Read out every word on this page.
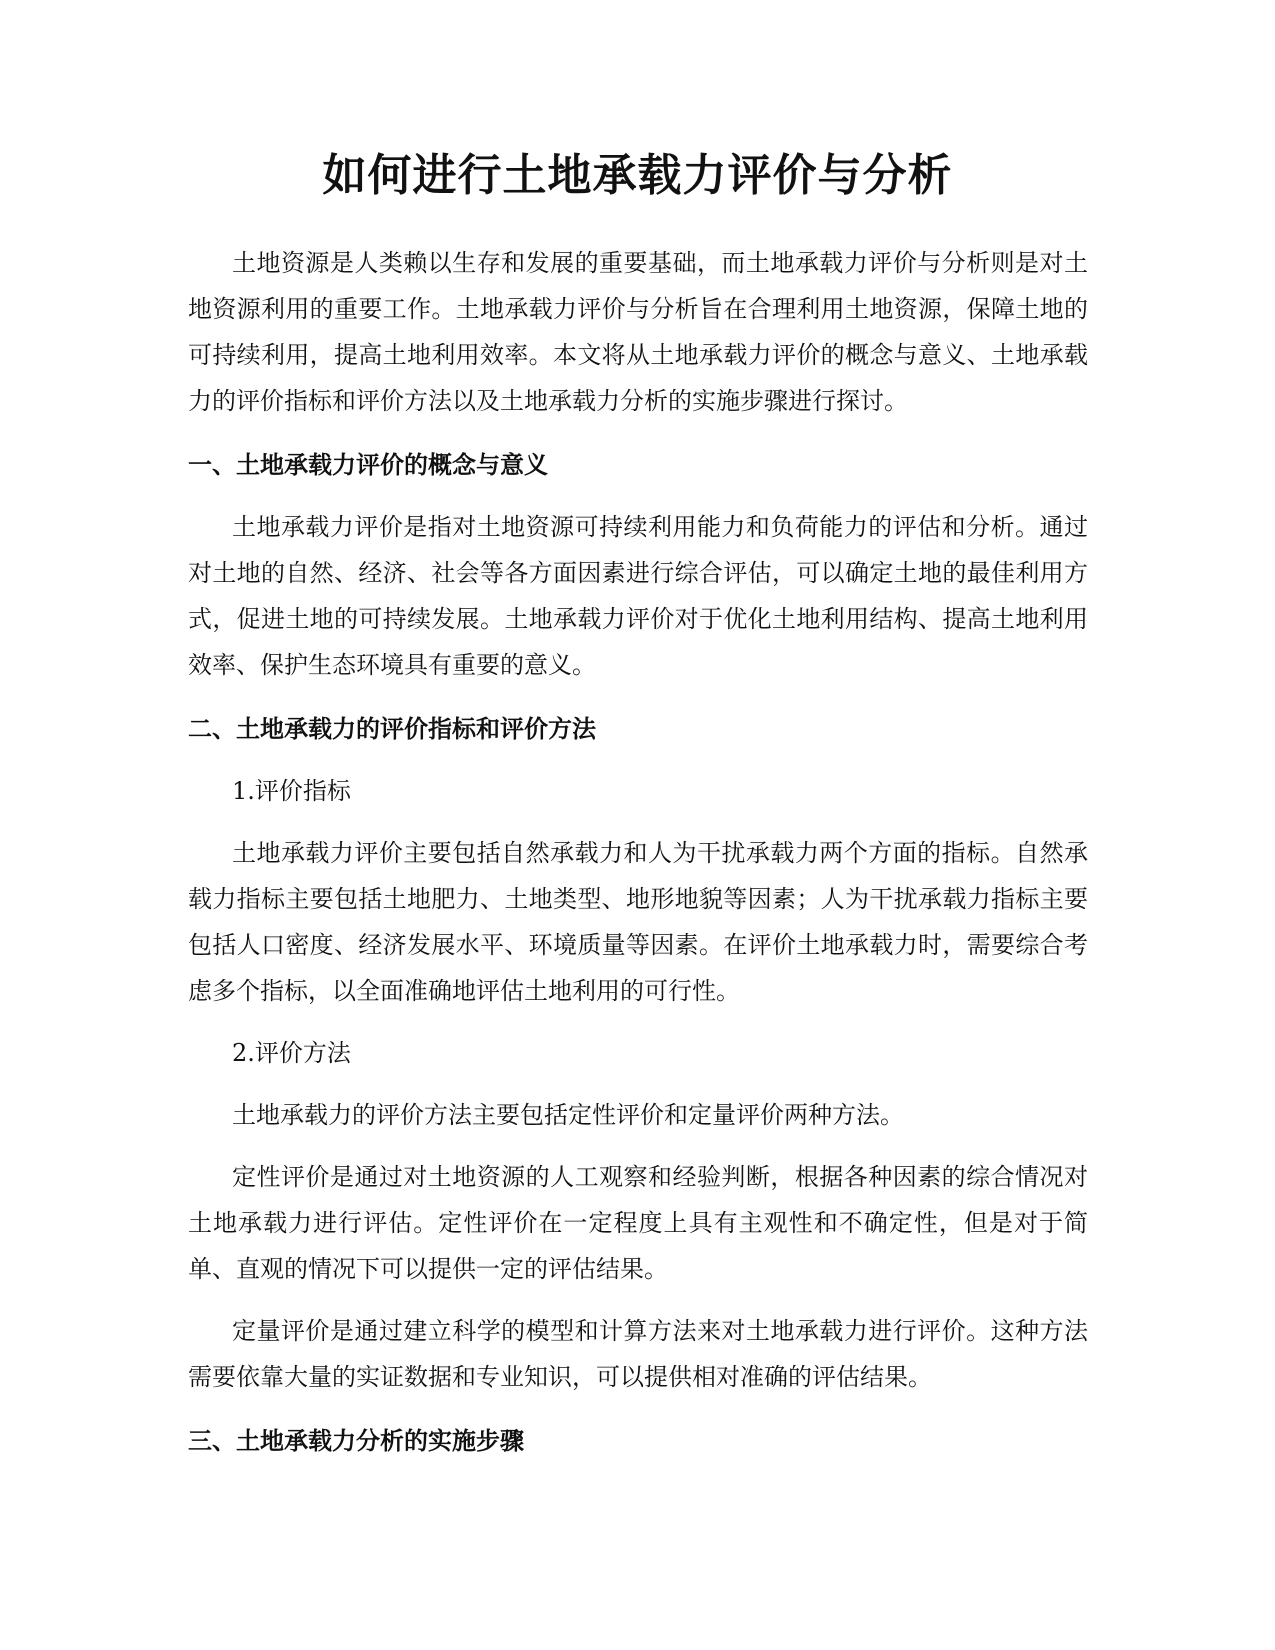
如何进行土地承载力评价与分析

土地资源是人类赖以生存和发展的重要基础，而土地承载力评价与分析则是对土地资源利用的重要工作。土地承载力评价与分析旨在合理利用土地资源，保障土地的可持续利用，提高土地利用效率。本文将从土地承载力评价的概念与意义、土地承载力的评价指标和评价方法以及土地承载力分析的实施步骤进行探讨。

一、土地承载力评价的概念与意义

土地承载力评价是指对土地资源可持续利用能力和负荷能力的评估和分析。通过对土地的自然、经济、社会等各方面因素进行综合评估，可以确定土地的最佳利用方式，促进土地的可持续发展。土地承载力评价对于优化土地利用结构、提高土地利用效率、保护生态环境具有重要的意义。

二、土地承载力的评价指标和评价方法

1.评价指标

土地承载力评价主要包括自然承载力和人为干扰承载力两个方面的指标。自然承载力指标主要包括土地肥力、土地类型、地形地貌等因素；人为干扰承载力指标主要包括人口密度、经济发展水平、环境质量等因素。在评价土地承载力时，需要综合考虑多个指标，以全面准确地评估土地利用的可行性。

2.评价方法

土地承载力的评价方法主要包括定性评价和定量评价两种方法。

定性评价是通过对土地资源的人工观察和经验判断，根据各种因素的综合情况对土地承载力进行评估。定性评价在一定程度上具有主观性和不确定性，但是对于简单、直观的情况下可以提供一定的评估结果。

定量评价是通过建立科学的模型和计算方法来对土地承载力进行评价。这种方法需要依靠大量的实证数据和专业知识，可以提供相对准确的评估结果。

三、土地承载力分析的实施步骤
